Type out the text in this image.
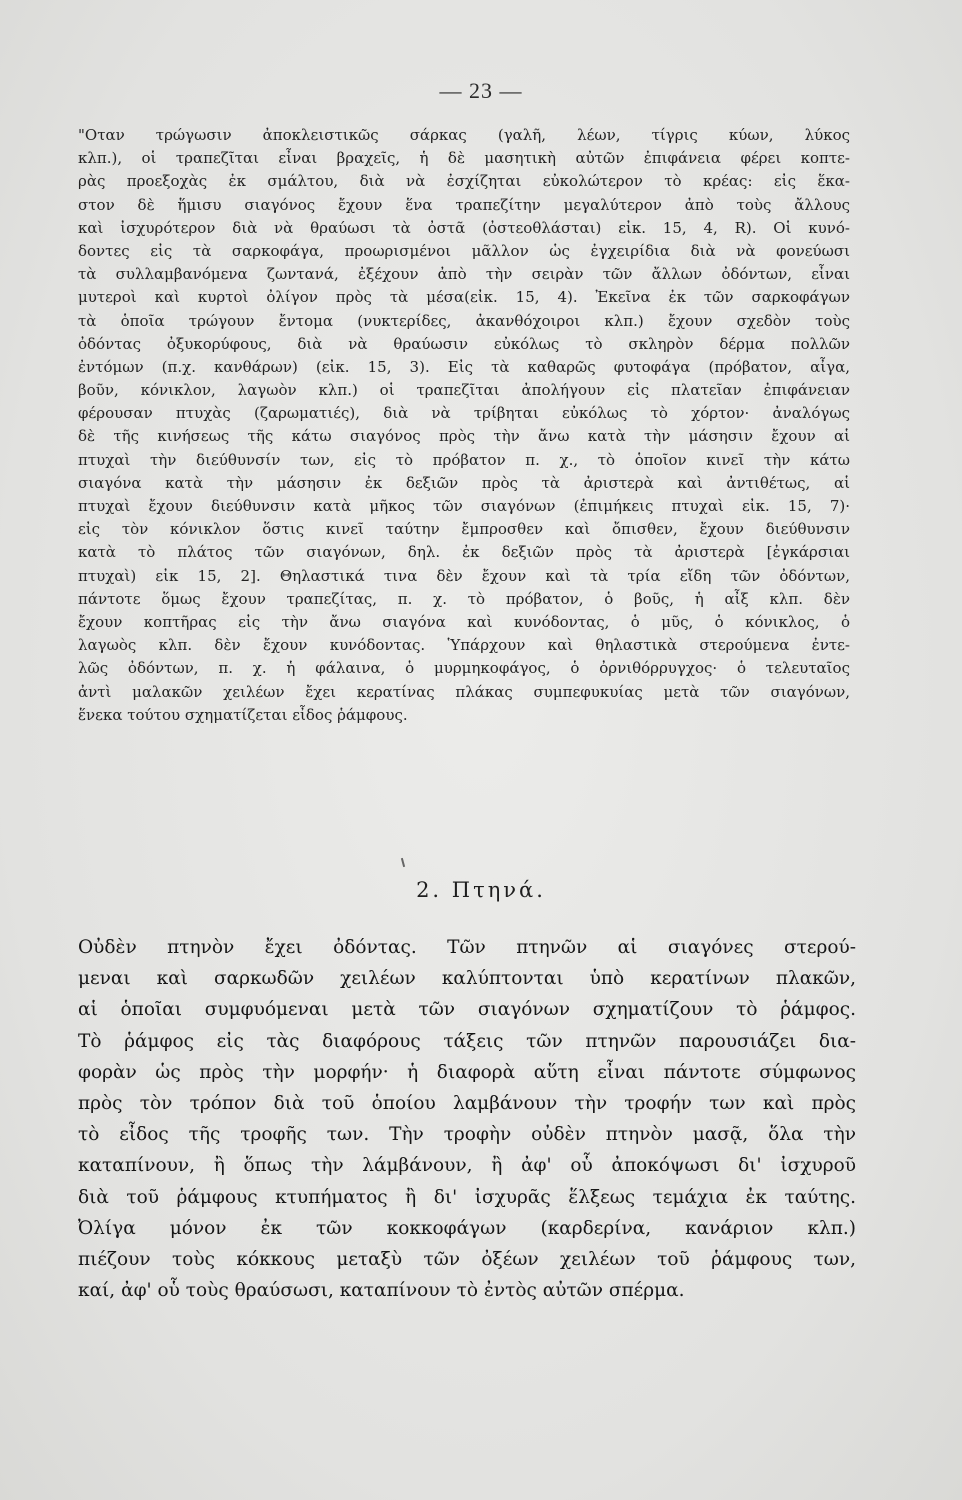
— 23 —
"Οταν τρώγωσιν ἀποκλειστικῶς σάρκας (γαλῆ, λέων, τίγρις κύων, λύκος
κλπ.), οἱ τραπεζῖται εἶναι βραχεῖς, ἡ δὲ μασητικὴ αὐτῶν ἐπιφάνεια φέρει κοπτε-
ρὰς προεξοχὰς ἐκ σμάλτου, διὰ νὰ ἐσχίζηται εὐκολώτερον τὸ κρέας: εἰς ἕκα-
στον δὲ ἥμισυ σιαγόνος ἔχουν ἕνα τραπεζίτην μεγαλύτερον ἀπὸ τοὺς ἄλλους
καὶ ἰσχυρότερον διὰ νὰ θραύωσι τὰ ὀστᾶ (ὀστεοθλάσται) εἰκ. 15, 4, R). Οἱ κυνό-
δοντες εἰς τὰ σαρκοφάγα, προωρισμένοι μᾶλλον ὡς ἐγχειρίδια διὰ νὰ φονεύωσι
τὰ συλλαμβανόμενα ζωντανά, ἐξέχουν ἀπὸ τὴν σειρὰν τῶν ἄλλων ὀδόντων, εἶναι
μυτεροὶ καὶ κυρτοὶ ὀλίγον πρὸς τὰ μέσα(εἰκ. 15, 4). Ἐκεῖνα ἐκ τῶν σαρκοφάγων
τὰ ὁποῖα τρώγουν ἔντομα (νυκτερίδες, ἀκανθόχοιροι κλπ.) ἔχουν σχεδὸν τοὺς
ὀδόντας ὀξυκορύφους, διὰ νὰ θραύωσιν εὐκόλως τὸ σκληρὸν δέρμα πολλῶν
ἐντόμων (π.χ. κανθάρων) (εἰκ. 15, 3). Εἰς τὰ καθαρῶς φυτοφάγα (πρόβατον, αἶγα,
βοῦν, κόνικλον, λαγωὸν κλπ.) οἱ τραπεζῖται ἀπολήγουν εἰς πλατεῖαν ἐπιφάνειαν
φέρουσαν πτυχὰς (ζαρωματιές), διὰ νὰ τρίβηται εὐκόλως τὸ χόρτον· ἀναλόγως
δὲ τῆς κινήσεως τῆς κάτω σιαγόνος πρὸς τὴν ἄνω κατὰ τὴν μάσησιν ἔχουν αἱ
πτυχαὶ τὴν διεύθυνσίν των, εἰς τὸ πρόβατον π. χ., τὸ ὁποῖον κινεῖ τὴν κάτω
σιαγόνα κατὰ τὴν μάσησιν ἐκ δεξιῶν πρὸς τὰ ἀριστερὰ καὶ ἀντιθέτως, αἱ
πτυχαὶ ἔχουν διεύθυνσιν κατὰ μῆκος τῶν σιαγόνων (ἐπιμήκεις πτυχαὶ εἰκ. 15, 7)·
εἰς τὸν κόνικλον ὅστις κινεῖ ταύτην ἔμπροσθεν καὶ ὄπισθεν, ἔχουν διεύθυνσιν
κατὰ τὸ πλάτος τῶν σιαγόνων, δηλ. ἐκ δεξιῶν πρὸς τὰ ἀριστερὰ [ἐγκάρσιαι
πτυχαὶ) εἰκ 15, 2]. Θηλαστικά τινα δὲν ἔχουν καὶ τὰ τρία εἴδη τῶν ὀδόντων,
πάντοτε ὅμως ἔχουν τραπεζίτας, π. χ. τὸ πρόβατον, ὁ βοῦς, ἡ αἶξ κλπ. δὲν
ἔχουν κοπτῆρας εἰς τὴν ἄνω σιαγόνα καὶ κυνόδοντας, ὁ μῦς, ὁ κόνικλος, ὁ
λαγωὸς κλπ. δὲν ἔχουν κυνόδοντας. Ὑπάρχουν καὶ θηλαστικὰ στερούμενα ἐντε-
λῶς ὀδόντων, π. χ. ἡ φάλαινα, ὁ μυρμηκοφάγος, ὁ ὀρνιθόρρυγχος· ὁ τελευταῖος
ἀντὶ μαλακῶν χειλέων ἔχει κερατίνας πλάκας συμπεφυκυίας μετὰ τῶν σιαγόνων,
ἕνεκα τούτου σχηματίζεται εἶδος ῥάμφους.
2. Πτηνά.
Οὐδὲν πτηνὸν ἔχει ὀδόντας. Τῶν πτηνῶν αἱ σιαγόνες στερού-
μεναι καὶ σαρκωδῶν χειλέων καλύπτονται ὑπὸ κερατίνων πλακῶν,
αἱ ὁποῖαι συμφυόμεναι μετὰ τῶν σιαγόνων σχηματίζουν τὸ ῥάμφος.
Τὸ ῥάμφος εἰς τὰς διαφόρους τάξεις τῶν πτηνῶν παρουσιάζει δια-
φορὰν ὡς πρὸς τὴν μορφήν· ἡ διαφορὰ αὕτη εἶναι πάντοτε σύμφωνος
πρὸς τὸν τρόπον διὰ τοῦ ὁποίου λαμβάνουν τὴν τροφήν των καὶ πρὸς
τὸ εἶδος τῆς τροφῆς των. Τὴν τροφὴν οὐδὲν πτηνὸν μασᾷ, ὅλα τὴν
καταπίνουν, ἢ ὅπως τὴν λάμβάνουν, ἢ ἀφ' οὗ ἀποκόψωσι δι' ἰσχυροῦ
διὰ τοῦ ῥάμφους κτυπήματος ἢ δι' ἰσχυρᾶς ἕλξεως τεμάχια ἐκ ταύτης.
Ὀλίγα μόνον ἐκ τῶν κοκκοφάγων (καρδερίνα, κανάριον κλπ.)
πιέζουν τοὺς κόκκους μεταξὺ τῶν ὀξέων χειλέων τοῦ ῥάμφους των,
καί, ἀφ' οὗ τοὺς θραύσωσι, καταπίνουν τὸ ἐντὸς αὐτῶν σπέρμα.
